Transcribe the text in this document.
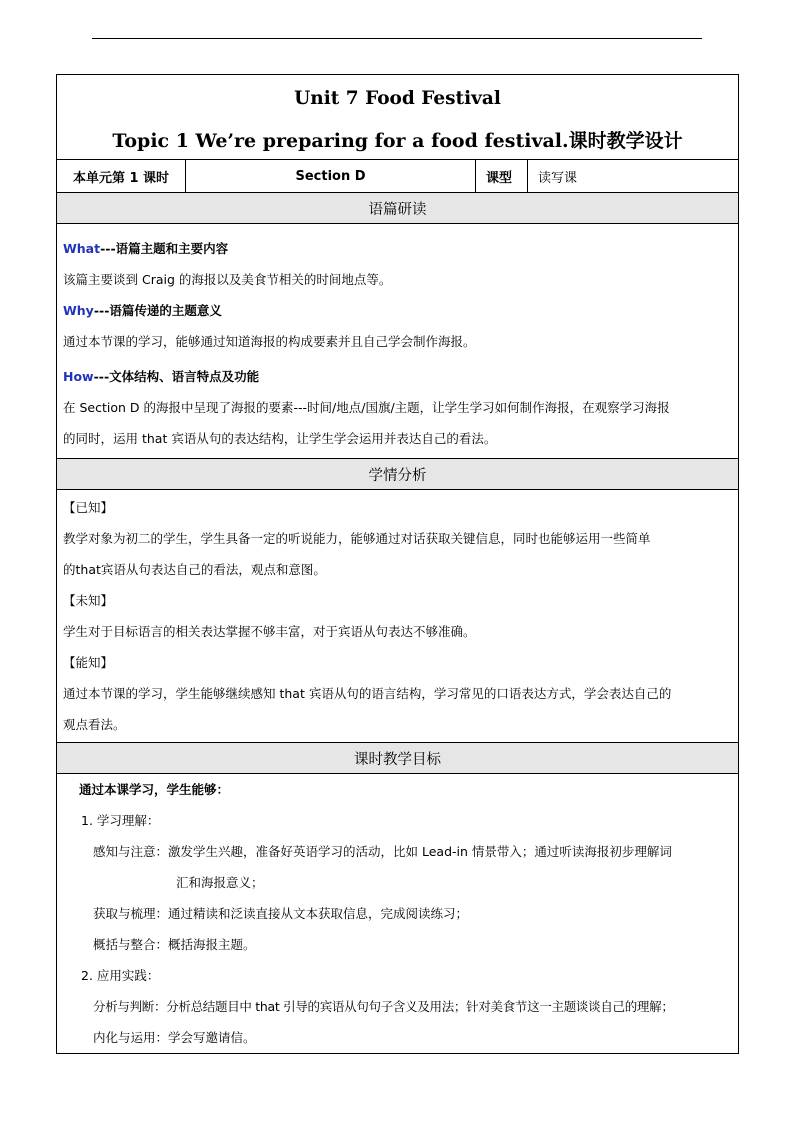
Unit 7 Food Festival
Topic 1 We’re preparing for a food festival.课时教学设计

本单元第 1 课时	Section D	课型	读写课
语篇研读

What---语篇主题和主要内容

该篇主要谈到 Craig 的海报以及美食节相关的时间地点等。

Why---语篇传递的主题意义

通过本节课的学习，能够通过知道海报的构成要素并且自己学会制作海报。

How---文体结构、语言特点及功能

在 Section D 的海报中呈现了海报的要素---时间/地点/国旗/主题，让学生学习如何制作海报，在观察学习海报

的同时，运用 that 宾语从句的表达结构，让学生学会运用并表达自己的看法。

学情分析

【已知】

教学对象为初二的学生，学生具备一定的听说能力，能够通过对话获取关键信息，同时也能够运用一些简单

的that宾语从句表达自己的看法，观点和意图。

【未知】

学生对于目标语言的相关表达掌握不够丰富，对于宾语从句表达不够准确。

【能知】

通过本节课的学习，学生能够继续感知 that 宾语从句的语言结构，学习常见的口语表达方式，学会表达自己的

观点看法。

课时教学目标

通过本课学习，学生能够：

1. 学习理解：

感知与注意：激发学生兴趣，准备好英语学习的活动，比如 Lead-in 情景带入；通过听读海报初步理解词

汇和海报意义；

获取与梳理：通过精读和泛读直接从文本获取信息，完成阅读练习；

概括与整合：概括海报主题。

2. 应用实践：

分析与判断：分析总结题目中 that 引导的宾语从句句子含义及用法；针对美食节这一主题谈谈自己的理解；

内化与运用：学会写邀请信。
